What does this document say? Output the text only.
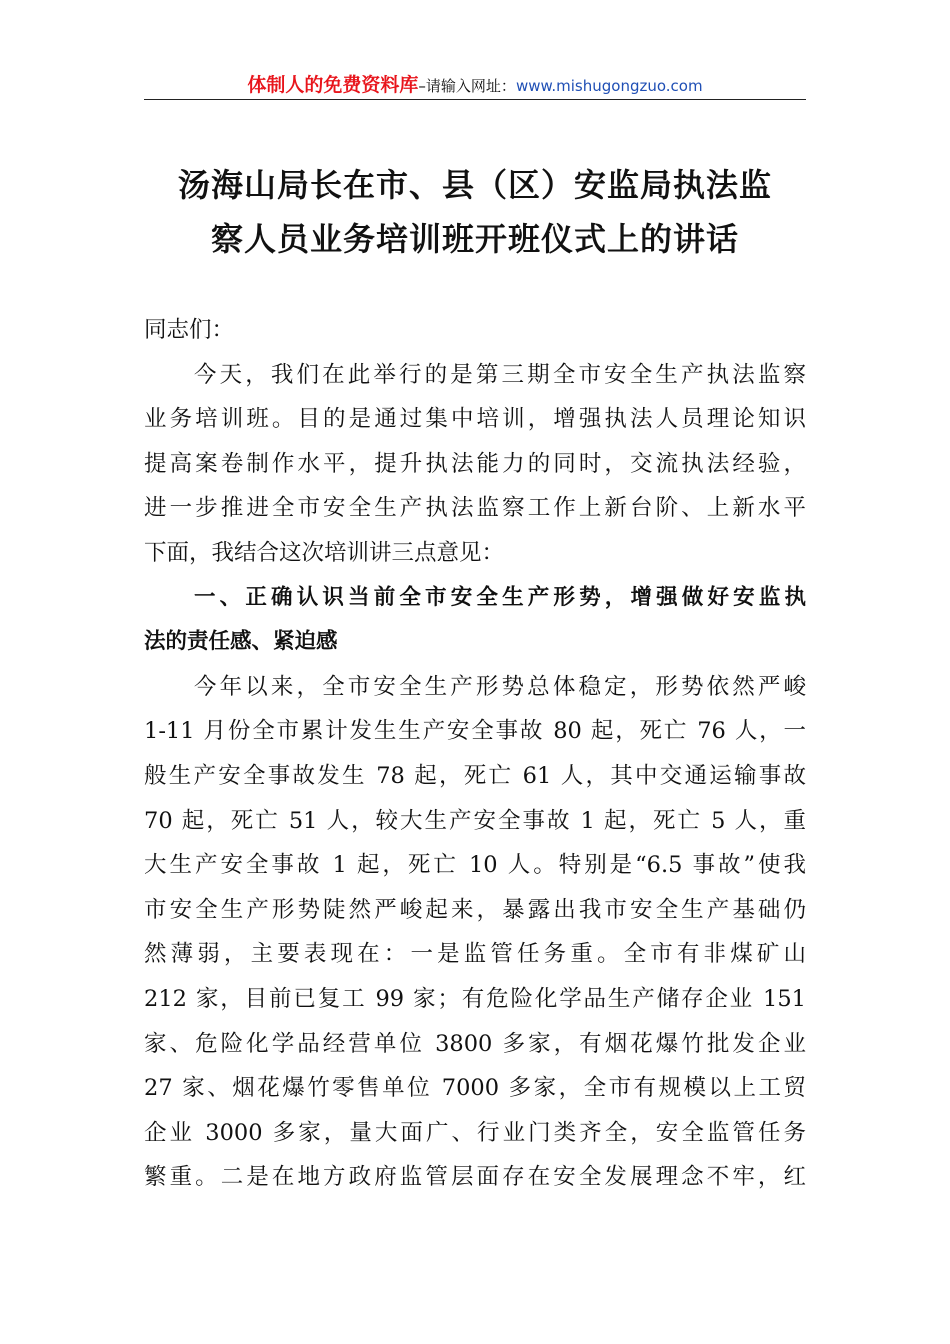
体制人的免费资料库–请输入网址：www.mishugongzuo.com
汤海山局长在市、县（区）安监局执法监
察人员业务培训班开班仪式上的讲话
同志们：
今天，我们在此举行的是第三期全市安全生产执法监察
业务培训班。目的是通过集中培训，增强执法人员理论知识
提高案卷制作水平，提升执法能力的同时，交流执法经验，
进一步推进全市安全生产执法监察工作上新台阶、上新水平
下面，我结合这次培训讲三点意见：
一、正确认识当前全市安全生产形势，增强做好安监执
法的责任感、紧迫感
今年以来，全市安全生产形势总体稳定，形势依然严峻
1-11 月份全市累计发生生产安全事故 80 起，死亡 76 人，一
般生产安全事故发生 78 起，死亡 61 人，其中交通运输事故
70 起，死亡 51 人，较大生产安全事故 1 起，死亡 5 人，重
大生产安全事故 1 起，死亡 10 人。特别是“6.5 事故”使我
市安全生产形势陡然严峻起来，暴露出我市安全生产基础仍
然薄弱，主要表现在：一是监管任务重。全市有非煤矿山
212 家，目前已复工 99 家；有危险化学品生产储存企业 151
家、危险化学品经营单位 3800 多家，有烟花爆竹批发企业
27 家、烟花爆竹零售单位 7000 多家，全市有规模以上工贸
企业 3000 多家，量大面广、行业门类齐全，安全监管任务
繁重。二是在地方政府监管层面存在安全发展理念不牢，红
